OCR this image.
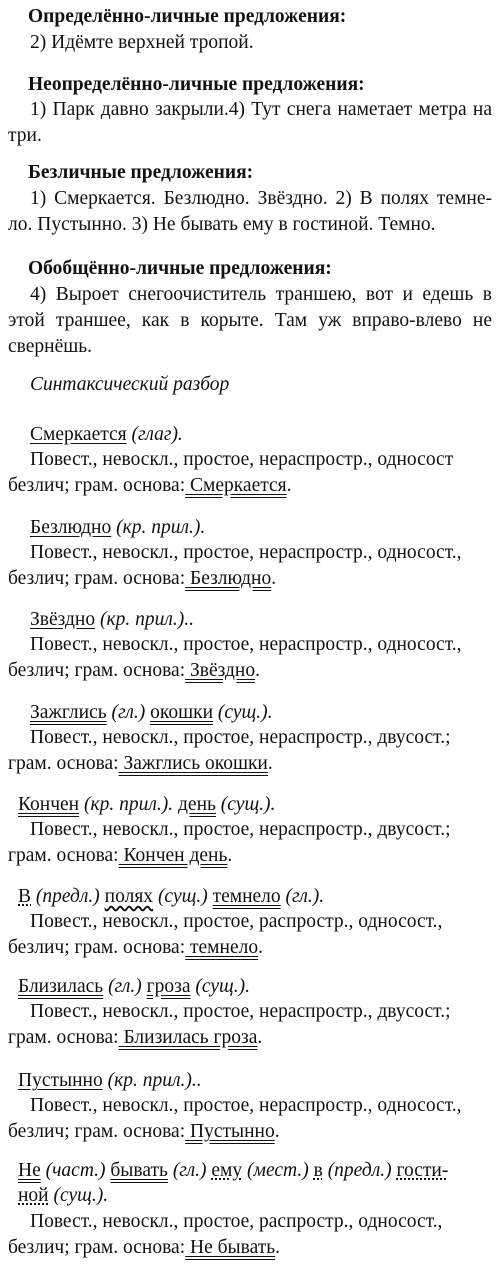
Определённо-личные предложения:
2) Идёмте верхней тропой.
Неопределённо-личные предложения:
1) Парк давно закрыли.4) Тут снега наметает метра на три.
Безличные предложения:
1) Смеркается. Безлюдно. Звёздно. 2) В полях темне-ло. Пустынно. 3) Не бывать ему в гостиной. Темно.
Обобщённо-личные предложения:
4) Выроет снегоочиститель траншею, вот и едешь в этой траншее, как в корыте. Там уж вправо-влево не свернёшь.
Синтаксический разбор
Смеркается (глаг).
Повест., невоскл., простое, нераспростр., односост
безлич; грам. основа: Смеркается.
Безлюдно (кр. прил.).
Повест., невоскл., простое, нераспростр., односост.,
безлич; грам. основа: Безлюдно.
Звёздно (кр. прил.)..
Повест., невоскл., простое, нераспростр., односост.,
безлич; грам. основа: Звёздно.
Зажглись (гл.) окошки (сущ.).
Повест., невоскл., простое, нераспростр., двусост.;
грам. основа: Зажглись окошки.
Кончен (кр. прил.). день (сущ.).
Повест., невоскл., простое, нераспростр., двусост.;
грам. основа: Кончен день.
В (предл.) полях (сущ.) темнело (гл.).
Повест., невоскл., простое, распростр., односост.,
безлич; грам. основа: темнело.
Близилась (гл.) гроза (сущ.).
Повест., невоскл., простое, нераспростр., двусост.;
грам. основа: Близилась гроза.
Пустынно (кр. прил.)..
Повест., невоскл., простое, нераспростр., односост.,
безлич; грам. основа: Пустынно.
Не (част.) бывать (гл.) ему (мест.) в (предл.) гости-
ной (сущ.).
Повест., невоскл., простое, распростр., односост.,
безлич; грам. основа: Не бывать.
